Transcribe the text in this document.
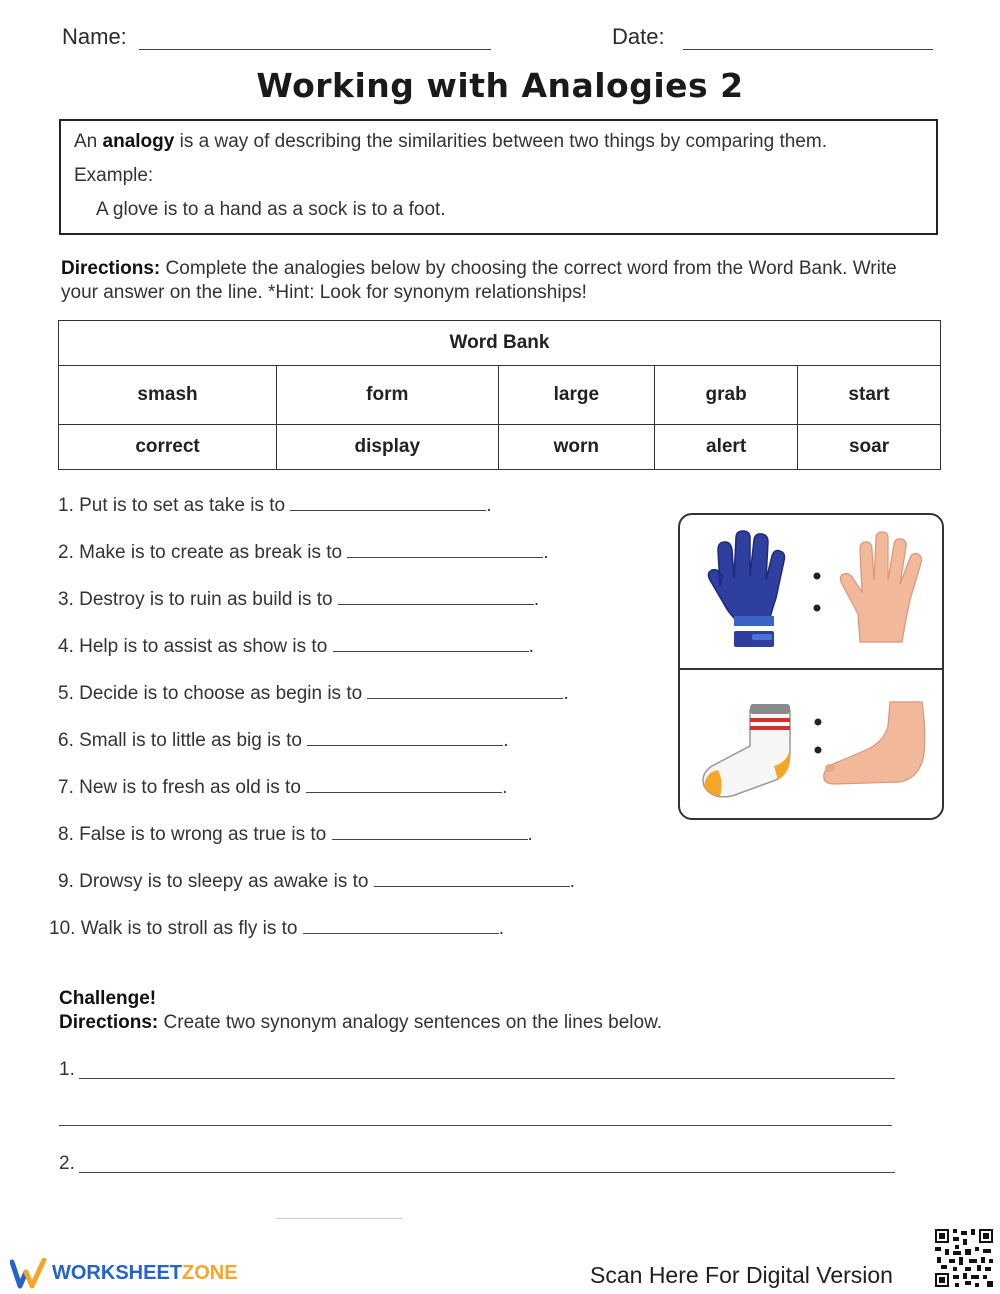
Name:	Date:
Working with Analogies 2
An analogy is a way of describing the similarities between two things by comparing them.
Example:
A glove is to a hand as a sock is to a foot.
Directions: Complete the analogies below by choosing the correct word from the Word Bank. Write your answer on the line. *Hint: Look for synonym relationships!
Word Bank				
smash	form	large	grab	start
correct	display	worn	alert	soar
1. Put is to set as take is to	.
2. Make is to create as break is to	.
3. Destroy is to ruin as build is to	.
4. Help is to assist as show is to	.
5. Decide is to choose as begin is to	.
6. Small is to little as big is to	.
7. New is to fresh as old is to	.
8. False is to wrong as true is to	.
9. Drowsy is to sleepy as awake is to	.
10. Walk is to stroll as fly is to	.
Challenge!
Directions: Create two synonym analogy sentences on the lines below.
1.
2.
WORKSHEETZONE	Scan Here For Digital Version
